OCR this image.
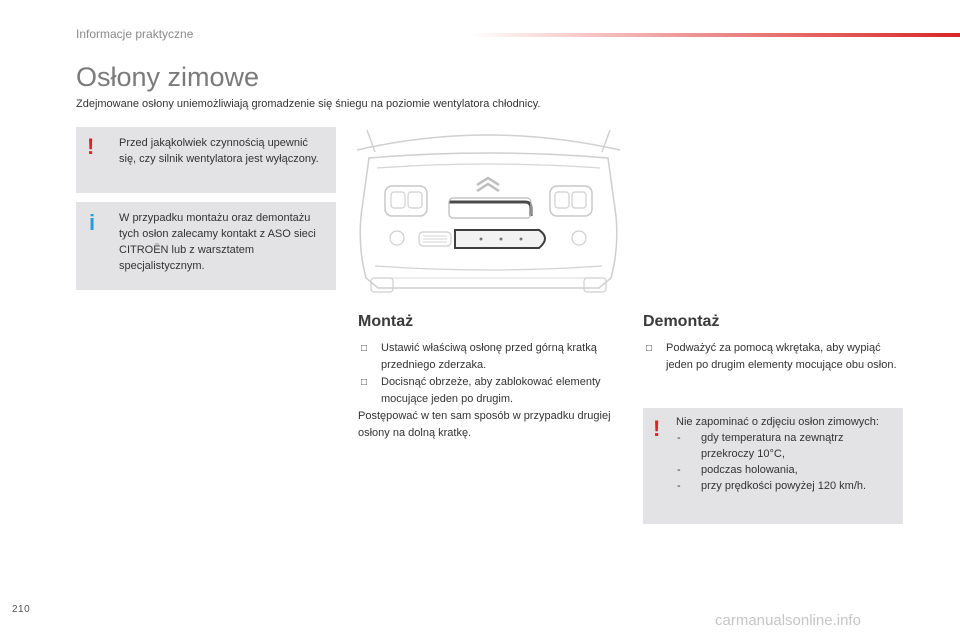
Informacje praktyczne
Osłony zimowe
Zdejmowane osłony uniemożliwiają gromadzenie się śniegu na poziomie wentylatora chłodnicy.
! Przed jakąkolwiek czynnością upewnić się, czy silnik wentylatora jest wyłączony.
i W przypadku montażu oraz demontażu tych osłon zalecamy kontakt z ASO sieci CITROËN lub z warsztatem specjalistycznym.
Montaż
□ Ustawić właściwą osłonę przed górną kratką przedniego zderzaka.
□ Docisnąć obrzeże, aby zablokować elementy mocujące jeden po drugim.
Postępować w ten sam sposób w przypadku drugiej osłony na dolną kratkę.
Demontaż
□ Podważyć za pomocą wkrętaka, aby wypiąć jeden po drugim elementy mocujące obu osłon.
! Nie zapominać o zdjęciu osłon zimowych:
- gdy temperatura na zewnątrz przekroczy 10°C,
- podczas holowania,
- przy prędkości powyżej 120 km/h.
210
carmanualsonline.info
